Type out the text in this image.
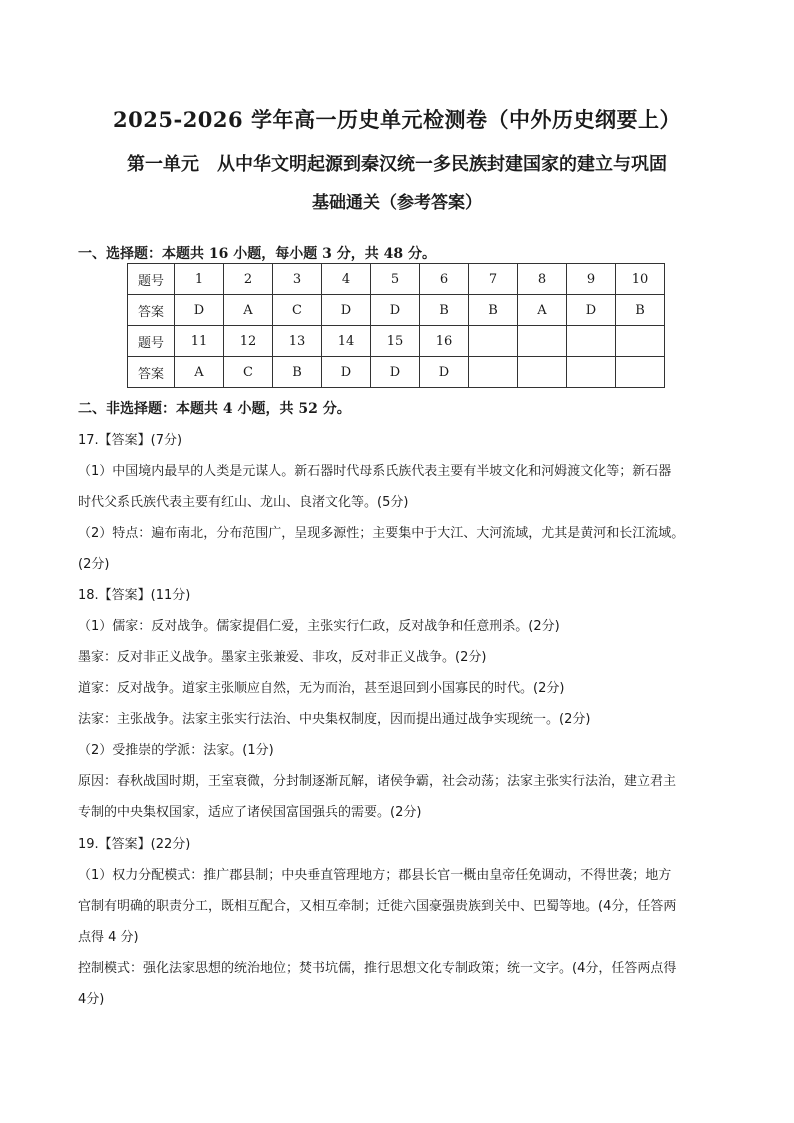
2025-2026 学年高一历史单元检测卷（中外历史纲要上）
第一单元　从中华文明起源到秦汉统一多民族封建国家的建立与巩固
基础通关（参考答案）
一、选择题：本题共 16 小题，每小题 3 分，共 48 分。
题号	1	2	3	4	5	6	7	8	9	10
答案	D	A	C	D	D	B	B	A	D	B
题号	11	12	13	14	15	16				
答案	A	C	B	D	D	D				
二、非选择题：本题共 4 小题，共 52 分。
17.【答案】(7分)
（1）中国境内最早的人类是元谋人。新石器时代母系氏族代表主要有半坡文化和河姆渡文化等；新石器
时代父系氏族代表主要有红山、龙山、良渚文化等。(5分)
（2）特点：遍布南北，分布范围广，呈现多源性；主要集中于大江、大河流域，尤其是黄河和长江流域。
(2分)
18.【答案】(11分)
（1）儒家：反对战争。儒家提倡仁爱，主张实行仁政，反对战争和任意刑杀。(2分)
墨家：反对非正义战争。墨家主张兼爱、非攻，反对非正义战争。(2分)
道家：反对战争。道家主张顺应自然，无为而治，甚至退回到小国寡民的时代。(2分)
法家：主张战争。法家主张实行法治、中央集权制度，因而提出通过战争实现统一。(2分)
（2）受推崇的学派：法家。(1分)
原因：春秋战国时期，王室衰微，分封制逐渐瓦解，诸侯争霸，社会动荡；法家主张实行法治，建立君主
专制的中央集权国家，适应了诸侯国富国强兵的需要。(2分)
19.【答案】(22分)
（1）权力分配模式：推广郡县制；中央垂直管理地方；郡县长官一概由皇帝任免调动，不得世袭；地方
官制有明确的职责分工，既相互配合，又相互牵制；迁徙六国豪强贵族到关中、巴蜀等地。(4分，任答两
点得 4 分)
控制模式：强化法家思想的统治地位；焚书坑儒，推行思想文化专制政策；统一文字。(4分，任答两点得
4分)
